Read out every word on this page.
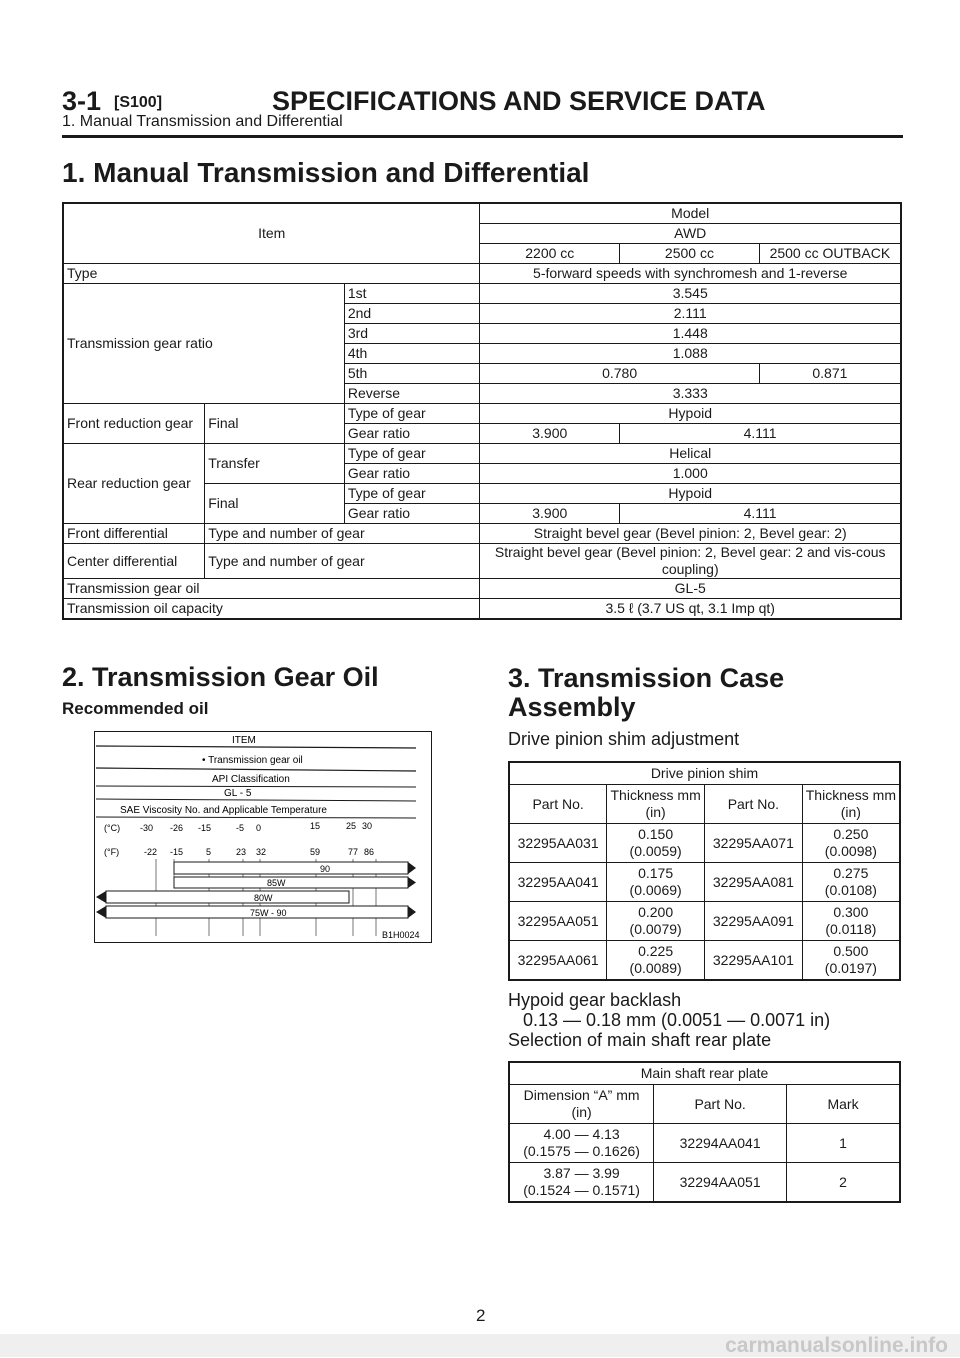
3-1 [S100]	SPECIFICATIONS AND SERVICE DATA
1. Manual Transmission and Differential
1. Manual Transmission and Differential
Item			Model		
			AWD		
			2200 cc	2500 cc	2500 cc OUTBACK
Type			5-forward speeds with synchromesh and 1-reverse		
Transmission gear ratio		1st	3.545		
		2nd	2.111		
		3rd	1.448		
		4th	1.088		
		5th	0.780		0.871
		Reverse	3.333		
Front reduction gear	Final	Type of gear	Hypoid		
		Gear ratio	3.900	4.111	
Rear reduction gear	Transfer	Type of gear	Helical		
		Gear ratio	1.000		
	Final	Type of gear	Hypoid		
		Gear ratio	3.900	4.111	
Front differential	Type and number of gear		Straight bevel gear (Bevel pinion: 2, Bevel gear: 2)		
Center differential	Type and number of gear		Straight bevel gear (Bevel pinion: 2, Bevel gear: 2 and vis-cous coupling)		
Transmission gear oil			GL-5		
Transmission oil capacity			3.5 ℓ (3.7 US qt, 3.1 Imp qt)		
2. Transmission Gear Oil
Recommended oil
ITEM
• Transmission gear oil
API Classification
GL - 5
SAE Viscosity No. and Applicable Temperature
(°C)
(°F)
-30 -26 -15	-5 0	15	25 30
-22 -15	5	23 32	59	77 86
90
85W
80W
75W - 90
B1H0024
3. Transmission Case Assembly
Drive pinion shim adjustment
Drive pinion shim			
Part No.	Thickness mm (in)	Part No.	Thickness mm (in)
32295AA031	0.150
(0.0059)	32295AA071	0.250
(0.0098)
32295AA041	0.175
(0.0069)	32295AA081	0.275
(0.0108)
32295AA051	0.200
(0.0079)	32295AA091	0.300
(0.0118)
32295AA061	0.225
(0.0089)	32295AA101	0.500
(0.0197)
Hypoid gear backlash
0.13 — 0.18 mm (0.0051 — 0.0071 in)
Selection of main shaft rear plate
Main shaft rear plate		
Dimension “A” mm (in)	Part No.	Mark
4.00 — 4.13
(0.1575 — 0.1626)	32294AA041	1
3.87 — 3.99
(0.1524 — 0.1571)	32294AA051	2
2
carmanualsonline.info
